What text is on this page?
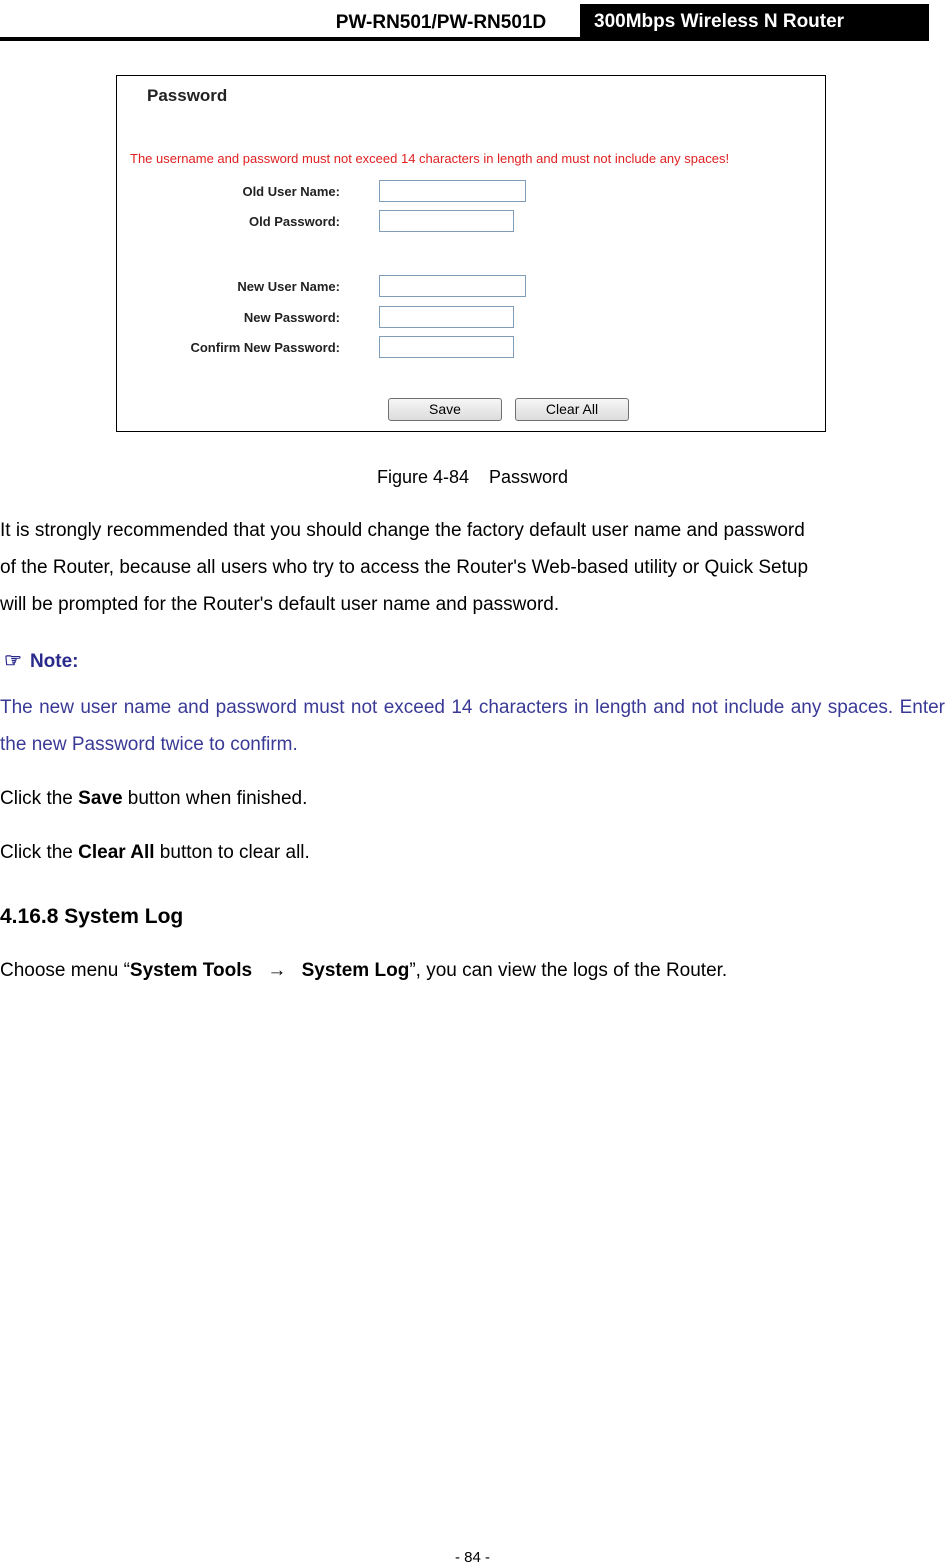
PW-RN501/PW-RN501D	300Mbps Wireless N Router
Password
The username and password must not exceed 14 characters in length and must not include any spaces!
Old User Name:
Old Password:
New User Name:
New Password:
Confirm New Password:
Save	Clear All
Figure 4-84    Password
It is strongly recommended that you should change the factory default user name and password
of the Router, because all users who try to access the Router's Web-based utility or Quick Setup
will be prompted for the Router's default user name and password.
☞ Note:
The new user name and password must not exceed 14 characters in length and not include any spaces. Enter the new Password twice to confirm.
Click the Save button when finished.
Click the Clear All button to clear all.
4.16.8 System Log
Choose menu “System Tools → System Log”, you can view the logs of the Router.
- 84 -
